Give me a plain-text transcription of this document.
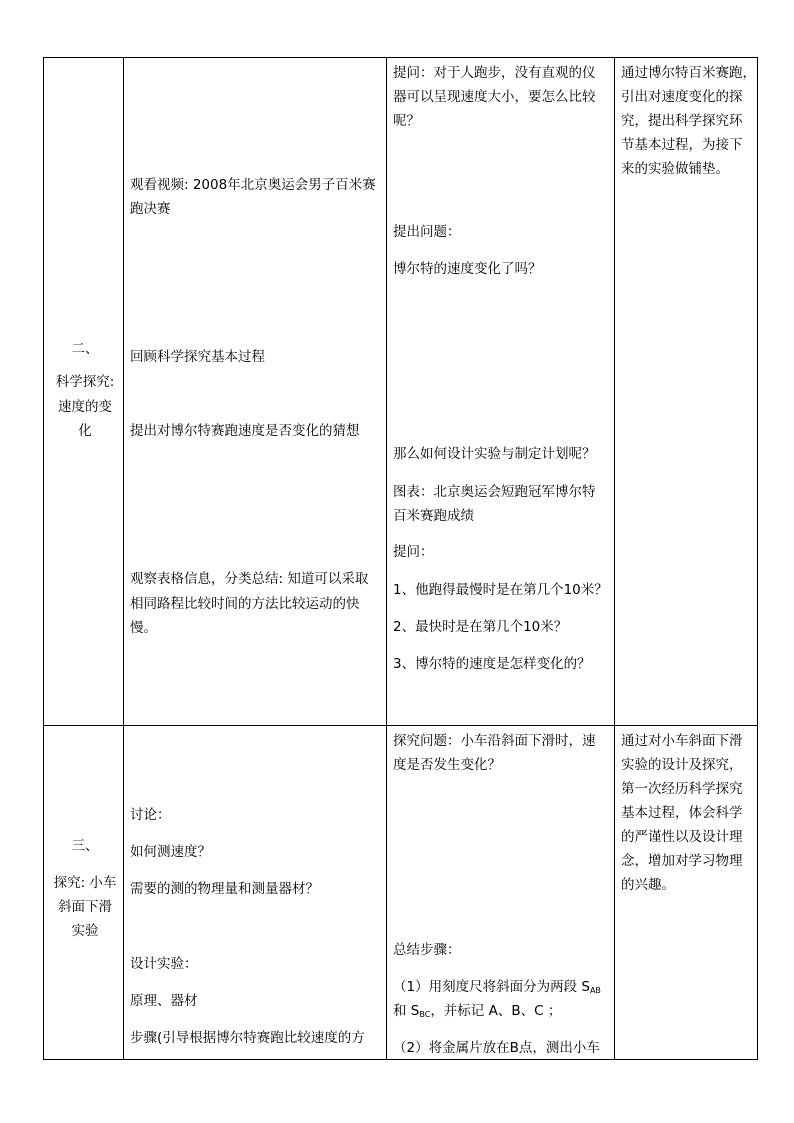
二、
科学探究:
速度的变
化
观看视频: 2008年北京奥运会男子百米赛
跑决赛
回顾科学探究基本过程
提出对博尔特赛跑速度是否变化的猜想
观察表格信息，分类总结: 知道可以采取
相同路程比较时间的方法比较运动的快
慢。
提问：对于人跑步，没有直观的仪
器可以呈现速度大小，要怎么比较
呢？
提出问题：
博尔特的速度变化了吗？
那么如何设计实验与制定计划呢？
图表：北京奥运会短跑冠军博尔特
百米赛跑成绩
提问：
1、他跑得最慢时是在第几个10米？
2、最快时是在第几个10米？
3、博尔特的速度是怎样变化的？
通过博尔特百米赛跑，
引出对速度变化的探
究，提出科学探究环
节基本过程，为接下
来的实验做铺垫。
三、
探究: 小车
斜面下滑
实验
讨论：
如何测速度？
需要的测的物理量和测量器材？
设计实验：
原理、器材
步骤(引导根据博尔特赛跑比较速度的方
探究问题：小车沿斜面下滑时，速
度是否发生变化？
总结步骤：
（1）用刻度尺将斜面分为两段 $S_{AB}$
和 $S_{BC}$，并标记 A、B、C ；
（2）将金属片放在B点，测出小车
通过对小车斜面下滑
实验的设计及探究，
第一次经历科学探究
基本过程，体会科学
的严谨性以及设计理
念，增加对学习物理
的兴趣。
